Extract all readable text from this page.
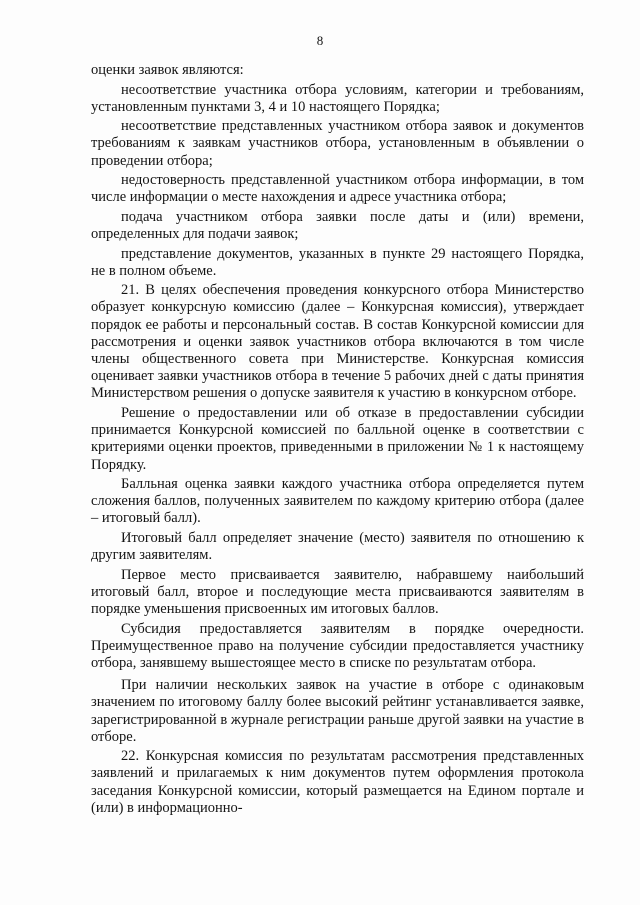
8

оценки заявок являются:

несоответствие участника отбора условиям, категории и требованиям, установленным пунктами 3, 4 и 10 настоящего Порядка;

несоответствие представленных участником отбора заявок и документов требованиям к заявкам участников отбора, установленным в объявлении о проведении отбора;

недостоверность представленной участником отбора информации, в том числе информации о месте нахождения и адресе участника отбора;

подача участником отбора заявки после даты и (или) времени, определенных для подачи заявок;

представление документов, указанных в пункте 29 настоящего Порядка, не в полном объеме.

21. В целях обеспечения проведения конкурсного отбора Министерство образует конкурсную комиссию (далее – Конкурсная комиссия), утверждает порядок ее работы и персональный состав. В состав Конкурсной комиссии для рассмотрения и оценки заявок участников отбора включаются в том числе члены общественного совета при Министерстве. Конкурсная комиссия оценивает заявки участников отбора в течение 5 рабочих дней с даты принятия Министерством решения о допуске заявителя к участию в конкурсном отборе.

Решение о предоставлении или об отказе в предоставлении субсидии принимается Конкурсной комиссией по балльной оценке в соответствии с критериями оценки проектов, приведенными в приложении № 1 к настоящему Порядку.

Балльная оценка заявки каждого участника отбора определяется путем сложения баллов, полученных заявителем по каждому критерию отбора (далее – итоговый балл).

Итоговый балл определяет значение (место) заявителя по отношению к другим заявителям.

Первое место присваивается заявителю, набравшему наибольший итоговый балл, второе и последующие места присваиваются заявителям в порядке уменьшения присвоенных им итоговых баллов.

Субсидия предоставляется заявителям в порядке очередности. Преимущественное право на получение субсидии предоставляется участнику отбора, занявшему вышестоящее место в списке по результатам отбора.

При наличии нескольких заявок на участие в отборе с одинаковым значением по итоговому баллу более высокий рейтинг устанавливается заявке, зарегистрированной в журнале регистрации раньше другой заявки на участие в отборе.

22. Конкурсная комиссия по результатам рассмотрения представленных заявлений и прилагаемых к ним документов путем оформления протокола заседания Конкурсной комиссии, который размещается на Едином портале и (или) в информационно-
